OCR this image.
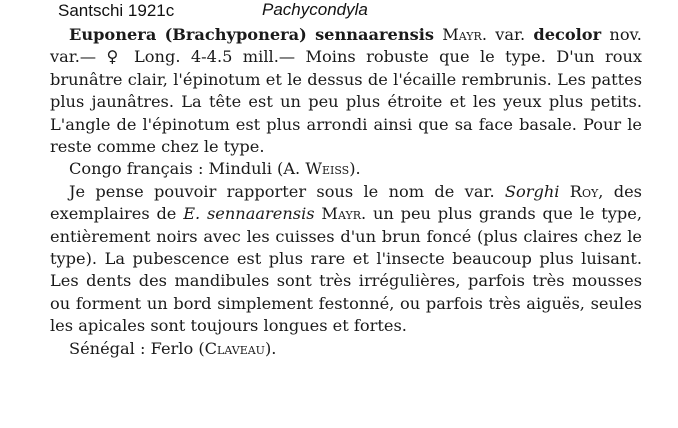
Santschi 1921c	Pachycondyla

Euponera (Brachyponera) sennaarensis Mayr. var. decolor nov. var.— ♀ Long. 4-4.5 mill.— Moins robuste que le type. D'un roux brunâtre clair, l'épinotum et le dessus de l'écaille rembrunis. Les pattes plus jaunâtres. La tête est un peu plus étroite et les yeux plus petits. L'angle de l'épinotum est plus arrondi ainsi que sa face basale. Pour le reste comme chez le type.

Congo français : Minduli (A. Weiss).

Je pense pouvoir rapporter sous le nom de var. Sorghi Roy, des exemplaires de E. sennaarensis Mayr. un peu plus grands que le type, entièrement noirs avec les cuisses d'un brun foncé (plus claires chez le type). La pubescence est plus rare et l'insecte beaucoup plus luisant. Les dents des mandibules sont très irrégulières, parfois très mousses ou forment un bord simplement festonné, ou parfois très aiguës, seules les apicales sont toujours longues et fortes.

Sénégal : Ferlo (Claveau).
